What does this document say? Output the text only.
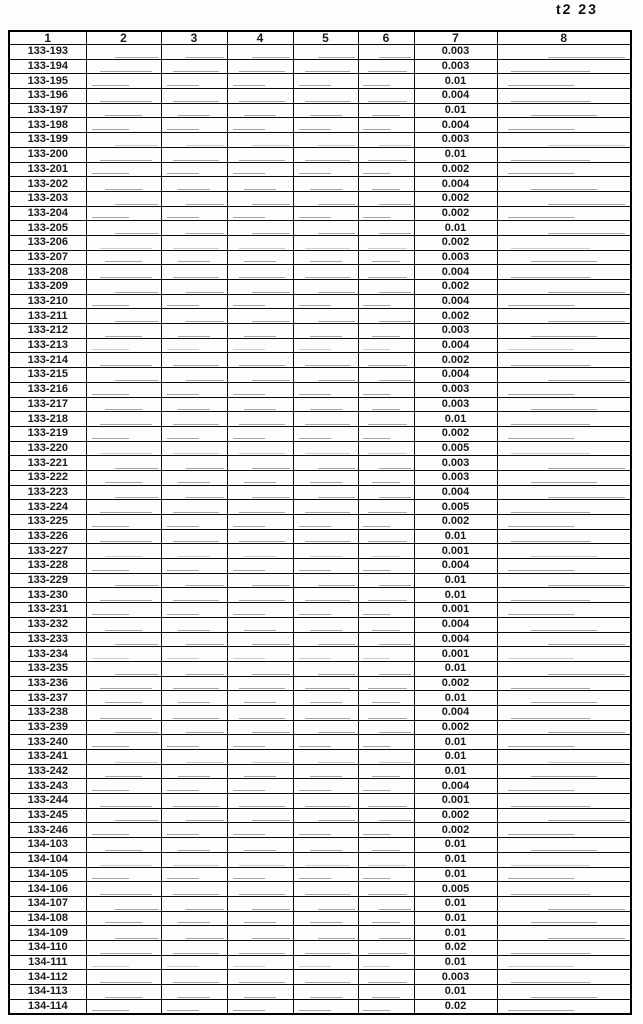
t2 23
1	2	3	4	5	6	7	8
133-193						0.003	
133-194						0.003	
133-195						0.01	
133-196						0.004	
133-197						0.01	
133-198						0.004	
133-199						0.003	
133-200						0.01	
133-201						0.002	
133-202						0.004	
133-203						0.002	
133-204						0.002	
133-205						0.01	
133-206						0.002	
133-207						0.003	
133-208						0.004	
133-209						0.002	
133-210						0.004	
133-211						0.002	
133-212						0.003	
133-213						0.004	
133-214						0.002	
133-215						0.004	
133-216						0.003	
133-217						0.003	
133-218						0.01	
133-219						0.002	
133-220						0.005	
133-221						0.003	
133-222						0.003	
133-223						0.004	
133-224						0.005	
133-225						0.002	
133-226						0.01	
133-227						0.001	
133-228						0.004	
133-229						0.01	
133-230						0.01	
133-231						0.001	
133-232						0.004	
133-233						0.004	
133-234						0.001	
133-235						0.01	
133-236						0.002	
133-237						0.01	
133-238						0.004	
133-239						0.002	
133-240						0.01	
133-241						0.01	
133-242						0.01	
133-243						0.004	
133-244						0.001	
133-245						0.002	
133-246						0.002	
134-103						0.01	
134-104						0.01	
134-105						0.01	
134-106						0.005	
134-107						0.01	
134-108						0.01	
134-109						0.01	
134-110						0.02	
134-111						0.01	
134-112						0.003	
134-113						0.01	
134-114						0.02	
